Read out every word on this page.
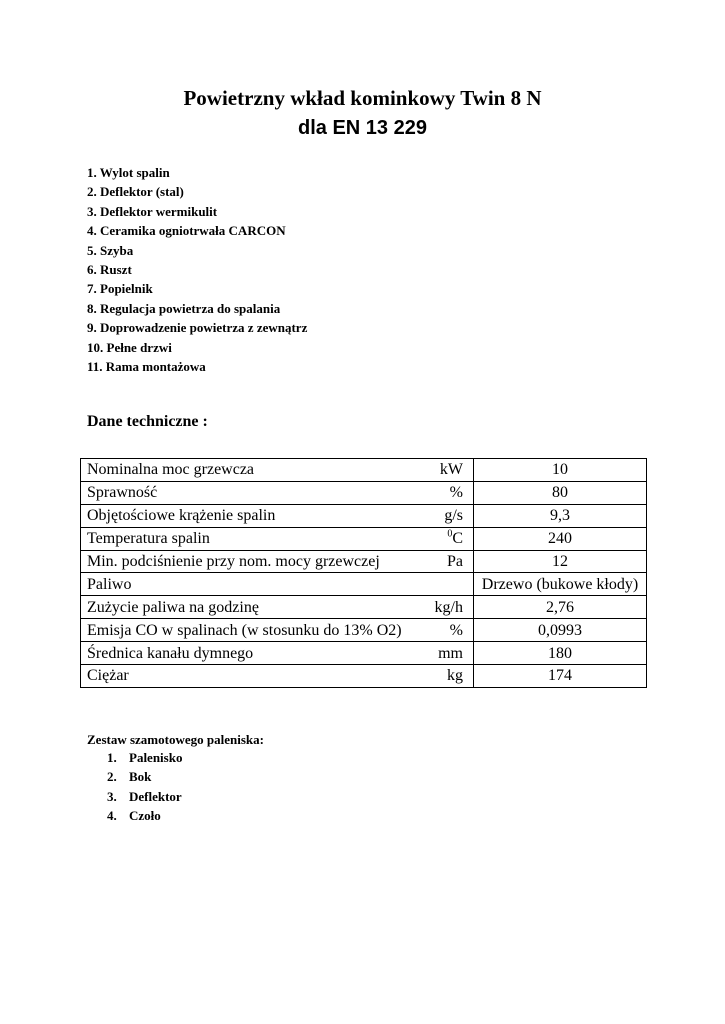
Powietrzny wkład kominkowy Twin 8 N
dla EN 13 229
1. Wylot spalin
2. Deflektor (stal)
3. Deflektor wermikulit
4. Ceramika ogniotrwała CARCON
5. Szyba
6. Ruszt
7. Popielnik
8. Regulacja powietrza do spalania
9. Doprowadzenie powietrza z zewnątrz
10. Pełne drzwi
11. Rama montażowa
Dane techniczne :
Nominalna moc grzewcza	kW	10
Sprawność	%	80
Objętościowe krążenie spalin	g/s	9,3
Temperatura spalin	$^0$C	240
Min. podciśnienie przy nom. mocy grzewczej	Pa	12
Paliwo		Drzewo (bukowe kłody)
Zużycie paliwa na godzinę	kg/h	2,76
Emisja CO w spalinach (w stosunku do 13% O2)	%	0,0993
Średnica kanału dymnego	mm	180
Ciężar	kg	174
Zestaw szamotowego paleniska:
1. Palenisko
2. Bok
3. Deflektor
4. Czoło
